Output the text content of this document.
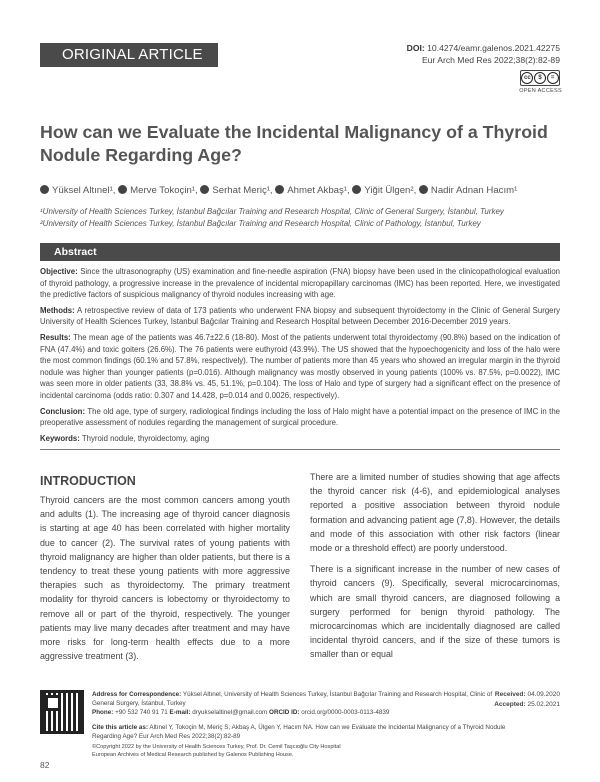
ORIGINAL ARTICLE	DOI: 10.4274/eamr.galenos.2021.42275
Eur Arch Med Res 2022;38(2):82-89
cc	$	=
OPEN ACCESS
How can we Evaluate the Incidental Malignancy of a Thyroid Nodule Regarding Age?
Yüksel Altınel¹, Merve Tokoçin¹, Serhat Meriç¹, Ahmet Akbaş¹, Yiğit Ülgen², Nadir Adnan Hacım¹
¹University of Health Sciences Turkey, İstanbul Bağcılar Training and Research Hospital, Clinic of General Surgery, İstanbul, Turkey
²University of Health Sciences Turkey, İstanbul Bağcılar Training and Research Hospital, Clinic of Pathology, İstanbul, Turkey
Abstract

Objective: Since the ultrasonography (US) examination and fine-needle aspiration (FNA) biopsy have been used in the clinicopathological evaluation of thyroid pathology, a progressive increase in the prevalence of incidental micropapillary carcinomas (IMC) has been reported. Here, we investigated the predictive factors of suspicious malignancy of thyroid nodules increasing with age.

Methods: A retrospective review of data of 173 patients who underwent FNA biopsy and subsequent thyroidectomy in the Clinic of General Surgery University of Health Sciences Turkey, Istanbul Bağcılar Training and Research Hospital between December 2016-December 2019 years.

Results: The mean age of the patients was 46.7±22.6 (18-80). Most of the patients underwent total thyroidectomy (90.8%) based on the indication of FNA (47.4%) and toxic goiters (26.6%). The 76 patients were euthyroid (43.9%). The US showed that the hypoechogenicity and loss of the halo were the most common findings (60.1% and 57.8%, respectively). The number of patients more than 45 years who showed an irregular margin in the thyroid nodule was higher than younger patients (p=0.016). Although malignancy was mostly observed in young patients (100% vs. 87.5%, p=0.0022), IMC was seen more in older patients (33, 38.8% vs. 45, 51.1%, p=0.104). The loss of Halo and type of surgery had a significant effect on the presence of incidental carcinoma (odds ratio: 0.307 and 14.428, p=0.014 and 0.0026, respectively).

Conclusion: The old age, type of surgery, radiological findings including the loss of Halo might have a potential impact on the presence of IMC in the preoperative assessment of nodules regarding the management of surgical procedure.

Keywords: Thyroid nodule, thyroidectomy, aging

INTRODUCTION

Thyroid cancers are the most common cancers among youth and adults (1). The increasing age of thyroid cancer diagnosis is starting at age 40 has been correlated with higher mortality due to cancer (2). The survival rates of young patients with thyroid malignancy are higher than older patients, but there is a tendency to treat these young patients with more aggressive therapies such as thyroidectomy. The primary treatment modality for thyroid cancers is lobectomy or thyroidectomy to remove all or part of the thyroid, respectively. The younger patients may live many decades after treatment and may have more risks for long-term health effects due to a more aggressive treatment (3).

There are a limited number of studies showing that age affects the thyroid cancer risk (4-6), and epidemiological analyses reported a positive association between thyroid nodule formation and advancing patient age (7,8). However, the details and mode of this association with other risk factors (linear mode or a threshold effect) are poorly understood.

There is a significant increase in the number of new cases of thyroid cancers (9). Specifically, several microcarcinomas, which are small thyroid cancers, are diagnosed following a surgery performed for benign thyroid pathology. The microcarcinomas which are incidentally diagnosed are called incidental thyroid cancers, and if the size of these tumors is smaller than or equal

Address for Correspondence: Yüksel Altınel, University of Health Sciences Turkey, İstanbul Bağcılar Training and Research Hospital, Clinic of General Surgery, İstanbul, Turkey
Phone: +90 532 740 91 71 E-mail: dryukselaltinel@gmail.com ORCID ID: orcid.org/0000-0003-0113-4839
Received: 04.09.2020
Accepted: 25.02.2021
Cite this article as: Altınel Y, Tokoçin M, Meriç S, Akbaş A, Ülgen Y, Hacım NA. How can we Evaluate the Incidental Malignancy of a Thyroid Nodule Regarding Age? Eur Arch Med Res 2022;38(2):82-89
©Copyright 2022 by the University of Health Sciences Turkey, Prof. Dr. Cemil Taşcıoğlu City Hospital
European Archives of Medical Research published by Galenos Publishing House.
82
